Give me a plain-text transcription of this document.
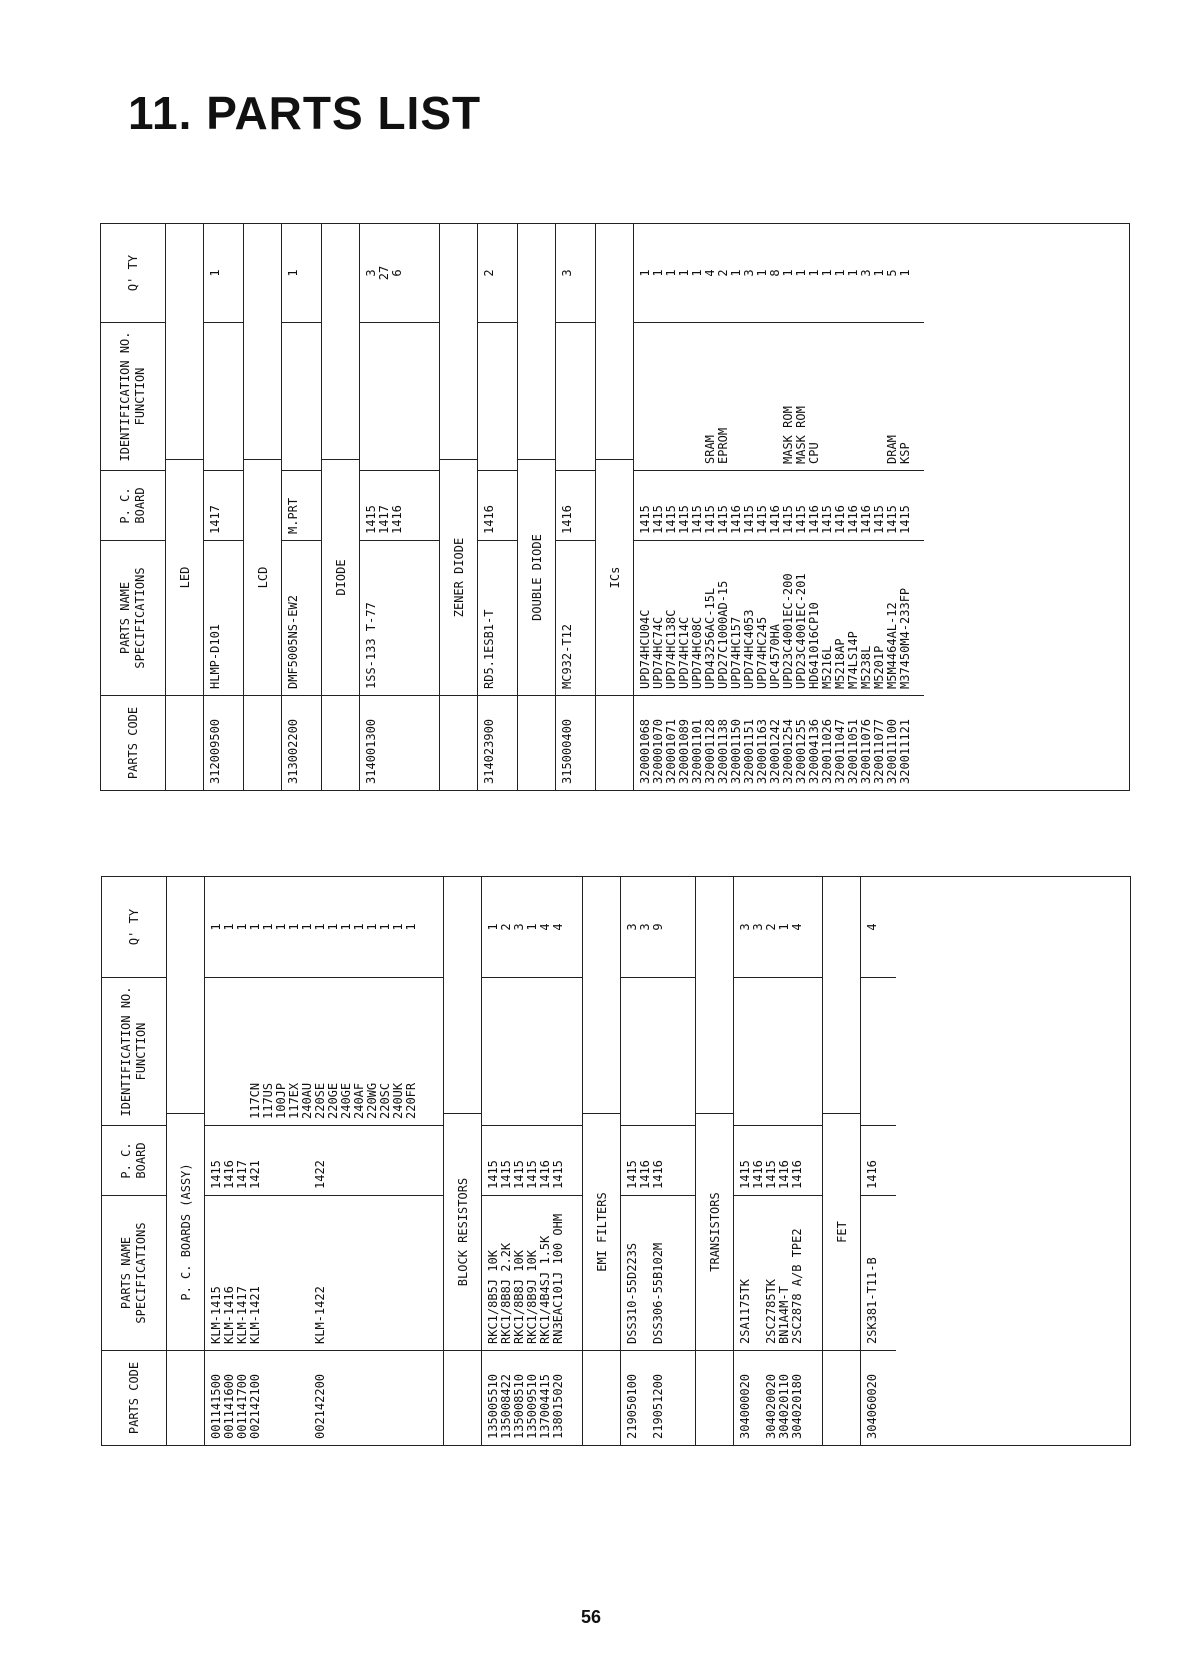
11. PARTS LIST
PARTS CODE
PARTS NAME
SPECIFICATIONS
P. C.
BOARD
IDENTIFICATION NO.
FUNCTION
Q' TY
LED
312009500
HLMP-D101
1417
1
LCD
313002200
DMF5005NS-EW2
M.PRT
1
DIODE
314001300
1SS-133 T-77
1415
1417
1416
3
27
6
ZENER DIODE
314023900
RD5.1ESB1-T
1416
2
DOUBLE DIODE
315000400
MC932-T12
1416
3
ICs
320001068
320001070
320001071
320001089
320001101
320001128
320001138
320001150
320001151
320001163
320001242
320001254
320001255
320004136
320011026
320011047
320011051
320011076
320011077
320011100
320011121
UPD74HCU04C
UPD74HC74C
UPD74HC138C
UPD74HC14C
UPD74HC08C
UPD43256AC-15L
UPD27C1000AD-15
UPD74HC157
UPD74HC4053
UPD74HC245
UPC4570HA
UPD23C4001EC-200
UPD23C4001EC-201
HD641016CP10
M5216L
M5218AP
M74LS14P
M5238L
M5201P
M5M4464AL-12
M37450M4-233FP
1415
1415
1415
1415
1415
1415
1415
1416
1415
1415
1416
1415
1415
1416
1415
1416
1416
1416
1415
1415
1415

SRAM
EPROM

MASK ROM
MASK ROM
CPU

DRAM
KSP
1
1
1
1
1
4
2
1
3
1
8
1
1
1
1
1
1
3
1
5
1
PARTS CODE
PARTS NAME
SPECIFICATIONS
P. C.
BOARD
IDENTIFICATION NO.
FUNCTION
Q' TY
P. C. BOARDS (ASSY)
001141500
001141600
001141700
002142100

002142200
KLM-1415
KLM-1416
KLM-1417
KLM-1421

KLM-1422
1415
1416
1417
1421

1422

117CN
117US
100JP
117EX
240AU
220SE
220GE
240GE
240AF
220WG
220SC
240UK
220FR
1
1
1
1
1
1
1
1
1
1
1
1
1
1
1
1
BLOCK RESISTORS
135005510
135008422
135008510
135009510
137004415
138015020
RKC1/8B5J 10K
RKC1/8B8J 2.2K
RKC1/8B8J 10K
RKC1/8B9J 10K
RKC1/4B4SJ 1.5K
RN3EAC101J 100 OHM
1415
1415
1415
1415
1416
1415
1
2
3
1
4
4
EMI FILTERS
219050100

219051200
DSS310-55D223S

DSS306-55B102M
1415
1416
1416
3
3
9
TRANSISTORS
304000020

304020020
304020110
304020180
2SA1175TK

2SC2785TK
BN1A4M-T
2SC2878 A/B TPE2
1415
1416
1415
1416
1416
3
3
2
1
4
FET
304060020
2SK381-T11-B
1416
4
56
